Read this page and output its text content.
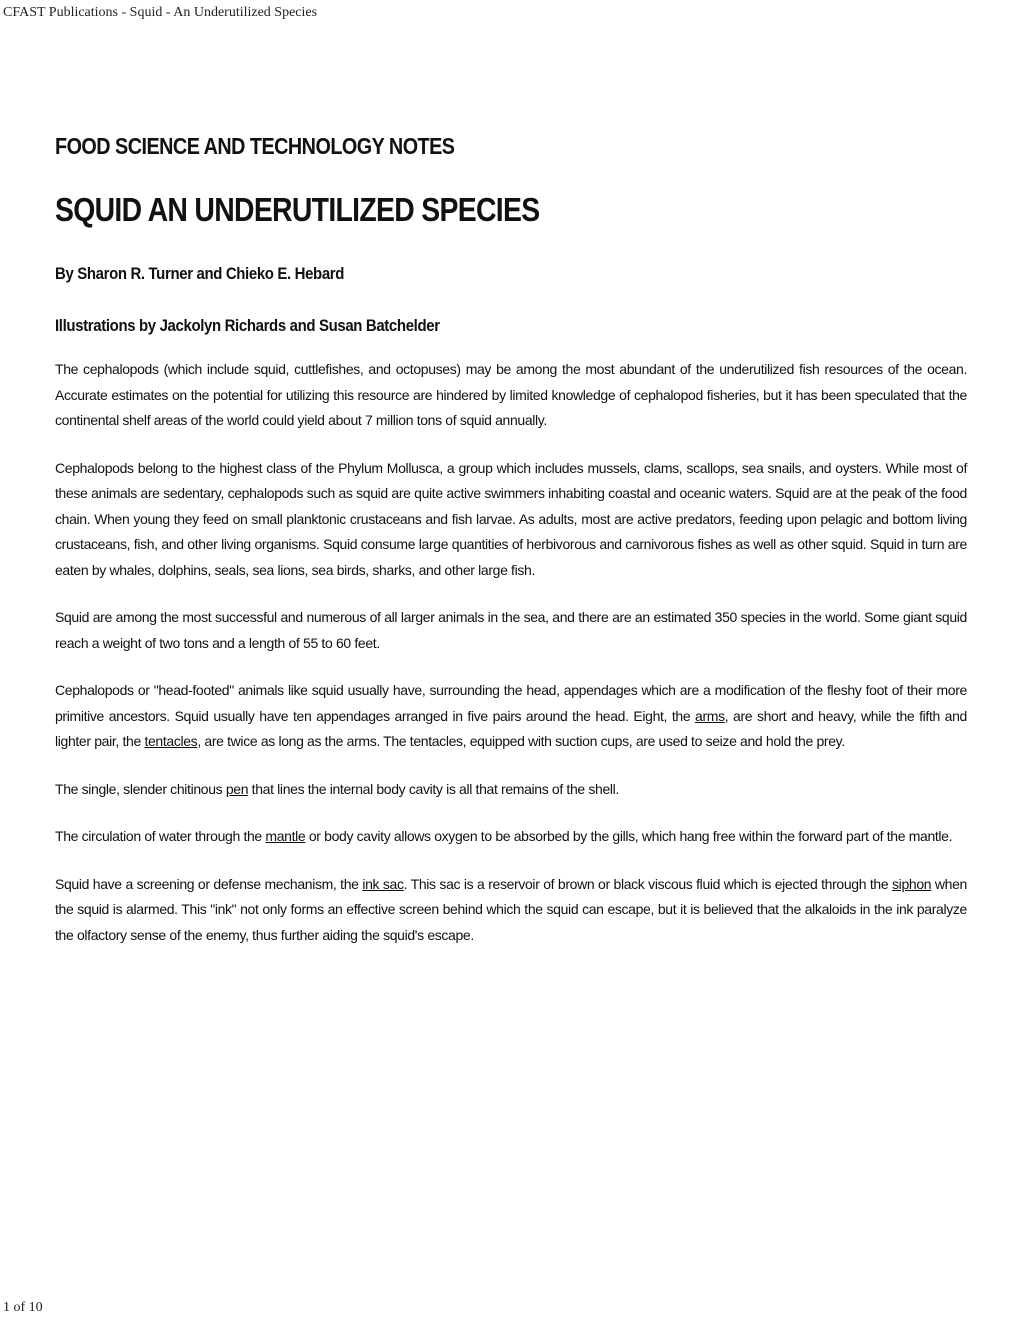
CFAST Publications - Squid - An Underutilized Species
FOOD SCIENCE AND TECHNOLOGY NOTES
SQUID AN UNDERUTILIZED SPECIES

By Sharon R. Turner and Chieko E. Hebard

Illustrations by Jackolyn Richards and Susan Batchelder

The cephalopods (which include squid, cuttlefishes, and octopuses) may be among the most abundant of the underutilized fish resources of the ocean. Accurate estimates on the potential for utilizing this resource are hindered by limited knowledge of cephalopod fisheries, but it has been speculated that the continental shelf areas of the world could yield about 7 million tons of squid annually.

Cephalopods belong to the highest class of the Phylum Mollusca, a group which includes mussels, clams, scallops, sea snails, and oysters. While most of these animals are sedentary, cephalopods such as squid are quite active swimmers inhabiting coastal and oceanic waters. Squid are at the peak of the food chain. When young they feed on small planktonic crustaceans and fish larvae. As adults, most are active predators, feeding upon pelagic and bottom living crustaceans, fish, and other living organisms. Squid consume large quantities of herbivorous and carnivorous fishes as well as other squid. Squid in turn are eaten by whales, dolphins, seals, sea lions, sea birds, sharks, and other large fish.

Squid are among the most successful and numerous of all larger animals in the sea, and there are an estimated 350 species in the world. Some giant squid reach a weight of two tons and a length of 55 to 60 feet.

Cephalopods or "head-footed" animals like squid usually have, surrounding the head, appendages which are a modification of the fleshy foot of their more primitive ancestors. Squid usually have ten appendages arranged in five pairs around the head. Eight, the arms, are short and heavy, while the fifth and lighter pair, the tentacles, are twice as long as the arms. The tentacles, equipped with suction cups, are used to seize and hold the prey.

The single, slender chitinous pen that lines the internal body cavity is all that remains of the shell.

The circulation of water through the mantle or body cavity allows oxygen to be absorbed by the gills, which hang free within the forward part of the mantle.

Squid have a screening or defense mechanism, the ink sac. This sac is a reservoir of brown or black viscous fluid which is ejected through the siphon when the squid is alarmed. This "ink" not only forms an effective screen behind which the squid can escape, but it is believed that the alkaloids in the ink paralyze the olfactory sense of the enemy, thus further aiding the squid's escape.

1 of 10
